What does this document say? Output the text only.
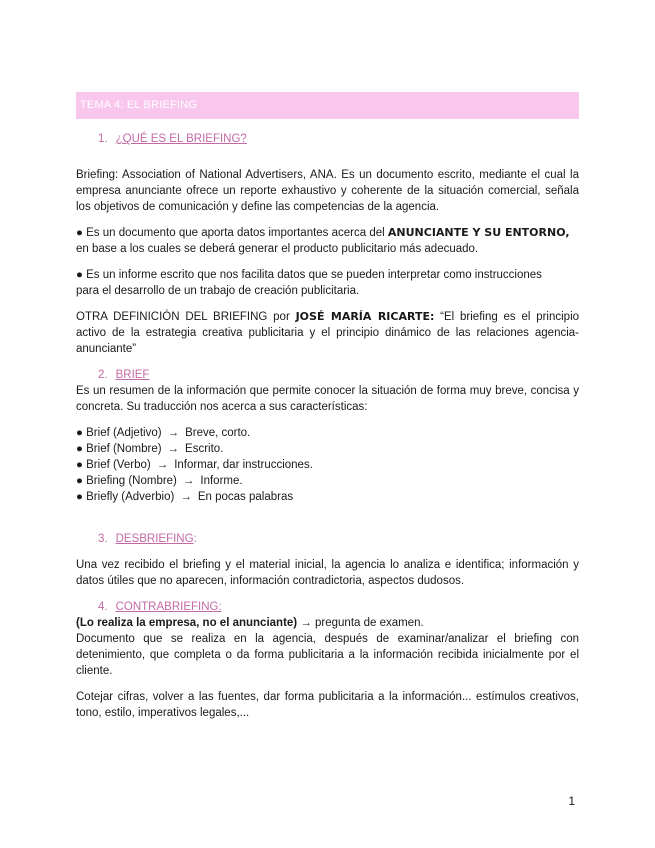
TEMA 4: EL BRIEFING
1. ¿QUÉ ES EL BRIEFING?

Briefing: Association of National Advertisers, ANA. Es un documento escrito, mediante el cual la empresa anunciante ofrece un reporte exhaustivo y coherente de la situación comercial, señala los objetivos de comunicación y define las competencias de la agencia.

● Es un documento que aporta datos importantes acerca del ANUNCIANTE Y SU ENTORNO,
en base a los cuales se deberá generar el producto publicitario más adecuado.

● Es un informe escrito que nos facilita datos que se pueden interpretar como instrucciones
para el desarrollo de un trabajo de creación publicitaria.

OTRA DEFINICIÓN DEL BRIEFING por JOSÉ MARÍA RICARTE: “El briefing es el principio activo de la estrategia creativa publicitaria y el principio dinámico de las relaciones agencia-anunciante”

2. BRIEF

Es un resumen de la información que permite conocer la situación de forma muy breve, concisa y concreta. Su traducción nos acerca a sus características:

● Brief (Adjetivo) → Breve, corto.
● Brief (Nombre) → Escrito.
● Brief (Verbo) → Informar, dar instrucciones.
● Briefing (Nombre) → Informe.
● Briefly (Adverbio) → En pocas palabras
3. DESBRIEFING:

Una vez recibido el briefing y el material inicial, la agencia lo analiza e identifica; información y datos útiles que no aparecen, información contradictoria, aspectos dudosos.

4. CONTRABRIEFING:

(Lo realiza la empresa, no el anunciante) → pregunta de examen.

Documento que se realiza en la agencia, después de examinar/analizar el briefing con detenimiento, que completa o da forma publicitaria a la información recibida inicialmente por el cliente.

Cotejar cifras, volver a las fuentes, dar forma publicitaria a la información... estímulos creativos, tono, estilo, imperativos legales,...

1
